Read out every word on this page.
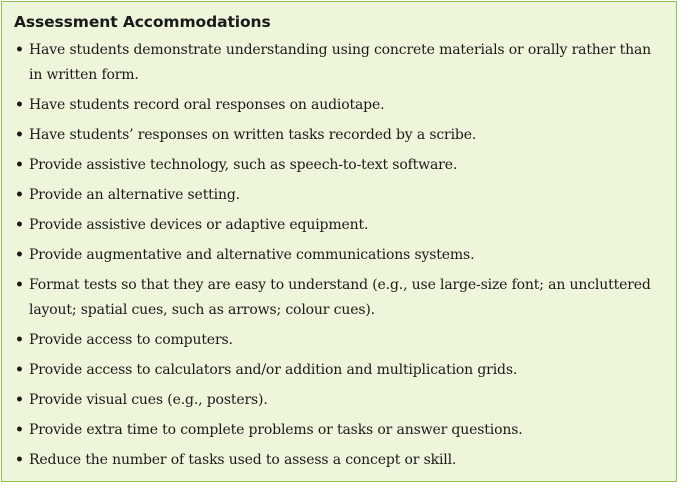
Assessment Accommodations
• Have students demonstrate understanding using concrete materials or orally rather than in written form.
• Have students record oral responses on audiotape.
• Have students’ responses on written tasks recorded by a scribe.
• Provide assistive technology, such as speech-to-text software.
• Provide an alternative setting.
• Provide assistive devices or adaptive equipment.
• Provide augmentative and alternative communications systems.
• Format tests so that they are easy to understand (e.g., use large-size font; an uncluttered layout; spatial cues, such as arrows; colour cues).
• Provide access to computers.
• Provide access to calculators and/or addition and multiplication grids.
• Provide visual cues (e.g., posters).
• Provide extra time to complete problems or tasks or answer questions.
• Reduce the number of tasks used to assess a concept or skill.
